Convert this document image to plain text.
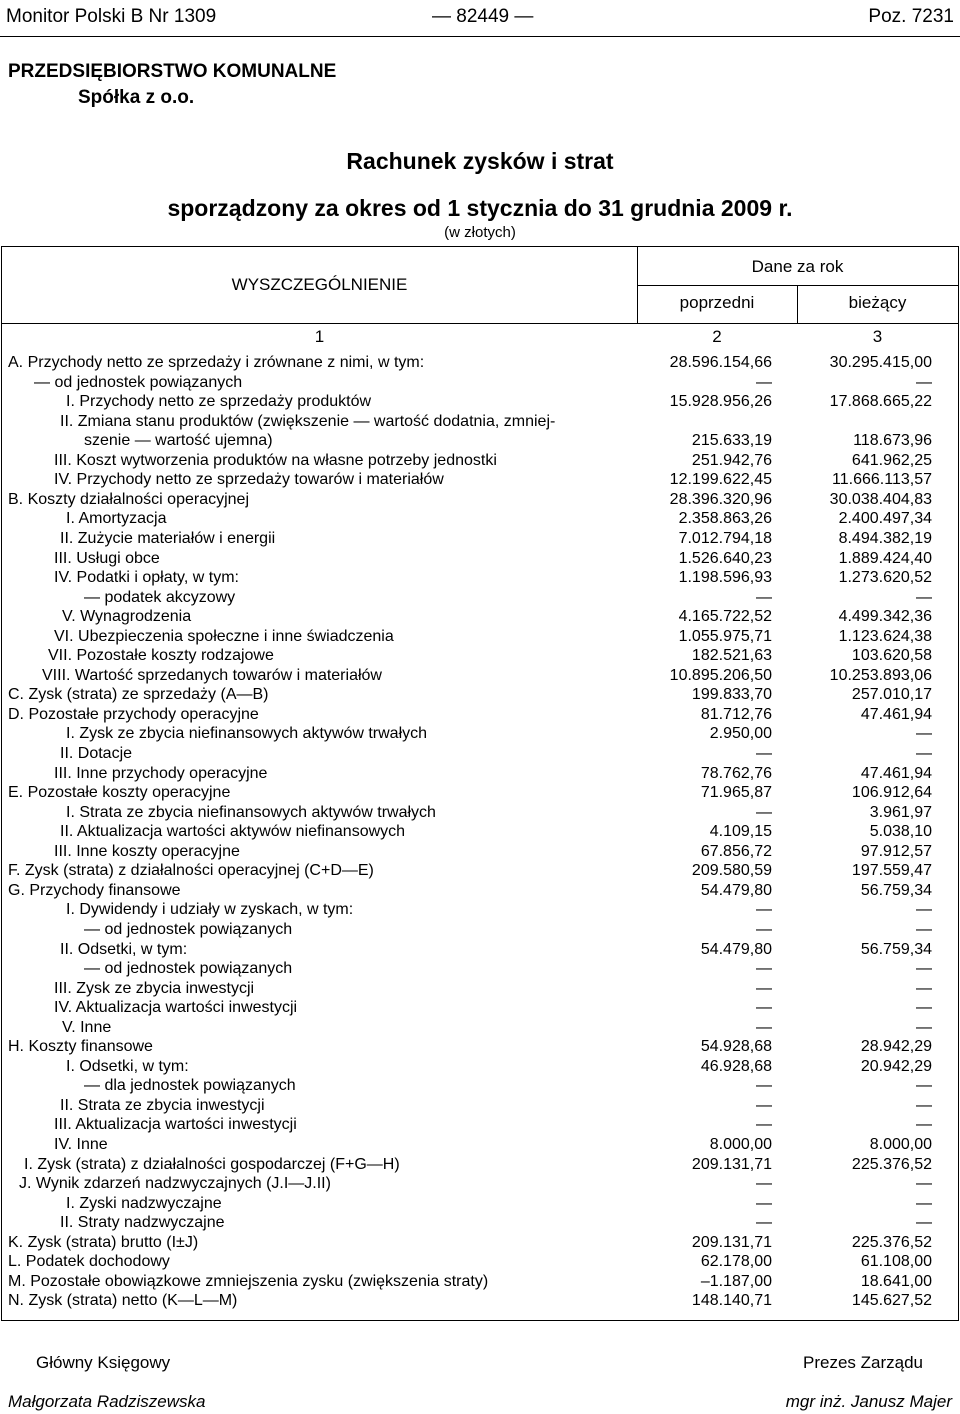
Monitor Polski B Nr 1309	— 82449 —	Poz. 7231
PRZEDSIĘBIORSTWO KOMUNALNE
Spółka z o.o.
Rachunek zysków i strat
sporządzony za okres od 1 stycznia do 31 grudnia 2009 r.
(w złotych)
WYSZCZEGÓLNIENIE
Dane za rok
poprzedni	bieżący
1	2	3
A. Przychody netto ze sprzedaży i zrównane z nimi, w tym:	28.596.154,66	30.295.415,00
— od jednostek powiązanych	—	—
I. Przychody netto ze sprzedaży produktów	15.928.956,26	17.868.665,22
II. Zmiana stanu produktów (zwiększenie — wartość dodatnia, zmniej-
szenie — wartość ujemna)	215.633,19	118.673,96
III. Koszt wytworzenia produktów na własne potrzeby jednostki	251.942,76	641.962,25
IV. Przychody netto ze sprzedaży towarów i materiałów	12.199.622,45	11.666.113,57
B. Koszty działalności operacyjnej	28.396.320,96	30.038.404,83
I. Amortyzacja	2.358.863,26	2.400.497,34
II. Zużycie materiałów i energii	7.012.794,18	8.494.382,19
III. Usługi obce	1.526.640,23	1.889.424,40
IV. Podatki i opłaty, w tym:	1.198.596,93	1.273.620,52
— podatek akcyzowy	—	—
V. Wynagrodzenia	4.165.722,52	4.499.342,36
VI. Ubezpieczenia społeczne i inne świadczenia	1.055.975,71	1.123.624,38
VII. Pozostałe koszty rodzajowe	182.521,63	103.620,58
VIII. Wartość sprzedanych towarów i materiałów	10.895.206,50	10.253.893,06
C. Zysk (strata) ze sprzedaży (A—B)	199.833,70	257.010,17
D. Pozostałe przychody operacyjne	81.712,76	47.461,94
I. Zysk ze zbycia niefinansowych aktywów trwałych	2.950,00	—
II. Dotacje	—	—
III. Inne przychody operacyjne	78.762,76	47.461,94
E. Pozostałe koszty operacyjne	71.965,87	106.912,64
I. Strata ze zbycia niefinansowych aktywów trwałych	—	3.961,97
II. Aktualizacja wartości aktywów niefinansowych	4.109,15	5.038,10
III. Inne koszty operacyjne	67.856,72	97.912,57
F. Zysk (strata) z działalności operacyjnej (C+D—E)	209.580,59	197.559,47
G. Przychody finansowe	54.479,80	56.759,34
I. Dywidendy i udziały w zyskach, w tym:	—	—
— od jednostek powiązanych	—	—
II. Odsetki, w tym:	54.479,80	56.759,34
— od jednostek powiązanych	—	—
III. Zysk ze zbycia inwestycji	—	—
IV. Aktualizacja wartości inwestycji	—	—
V. Inne	—	—
H. Koszty finansowe	54.928,68	28.942,29
I. Odsetki, w tym:	46.928,68	20.942,29
— dla jednostek powiązanych	—	—
II. Strata ze zbycia inwestycji	—	—
III. Aktualizacja wartości inwestycji	—	—
IV. Inne	8.000,00	8.000,00
I. Zysk (strata) z działalności gospodarczej (F+G—H)	209.131,71	225.376,52
J. Wynik zdarzeń nadzwyczajnych (J.I—J.II)	—	—
I. Zyski nadzwyczajne	—	—
II. Straty nadzwyczajne	—	—
K. Zysk (strata) brutto (I±J)	209.131,71	225.376,52
L. Podatek dochodowy	62.178,00	61.108,00
M. Pozostałe obowiązkowe zmniejszenia zysku (zwiększenia straty)	–1.187,00	18.641,00
N. Zysk (strata) netto (K—L—M)	148.140,71	145.627,52
Główny Księgowy
Małgorzata Radziszewska
Prezes Zarządu
mgr inż. Janusz Majer
